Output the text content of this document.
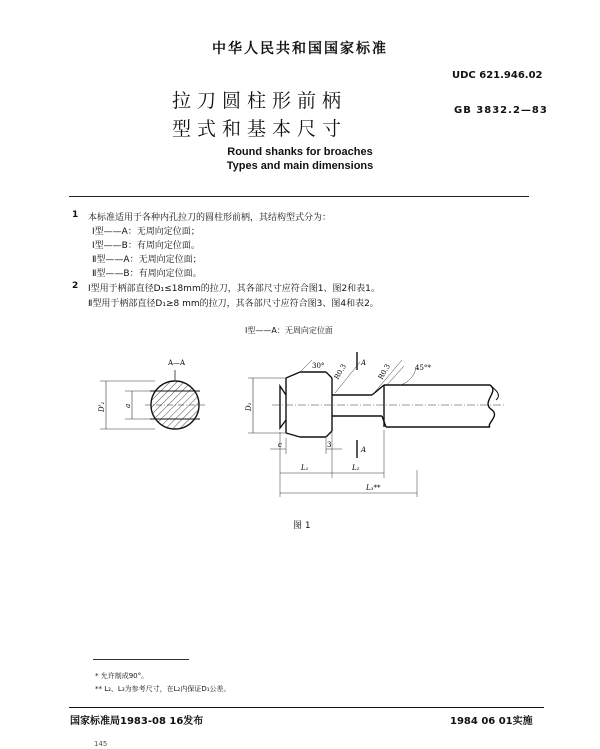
中华人民共和国国家标准
UDC 621.946.02
GB 3832.2—83
拉刀圆柱形前柄
型式和基本尺寸
Round shanks for broaches
Types and main dimensions
1 本标准适用于各种内孔拉刀的圆柱形前柄，其结构型式分为：
Ⅰ型——A：无周向定位面；
Ⅰ型——B：有周向定位面。
Ⅱ型——A：无周向定位面；
Ⅱ型——B：有周向定位面。
2 Ⅰ型用于柄部直径D₁≤18mm的拉刀，其各部尺寸应符合图1、图2和表1。
Ⅱ型用于柄部直径D₁≥8 mm的拉刀，其各部尺寸应符合图3、图4和表2。
Ⅰ型——A：无周向定位面
A—A
D'₁	a	D₁
30° R0.3	R0.3	45°*
A
A
c	3
L₁	L₂
L₃**
图 1
* 允许制成90°。
** L₂、L₃为参考尺寸，在L₂内保证D₁公差。
国家标准局1983-08 16发布	1984 06 01实施
145
